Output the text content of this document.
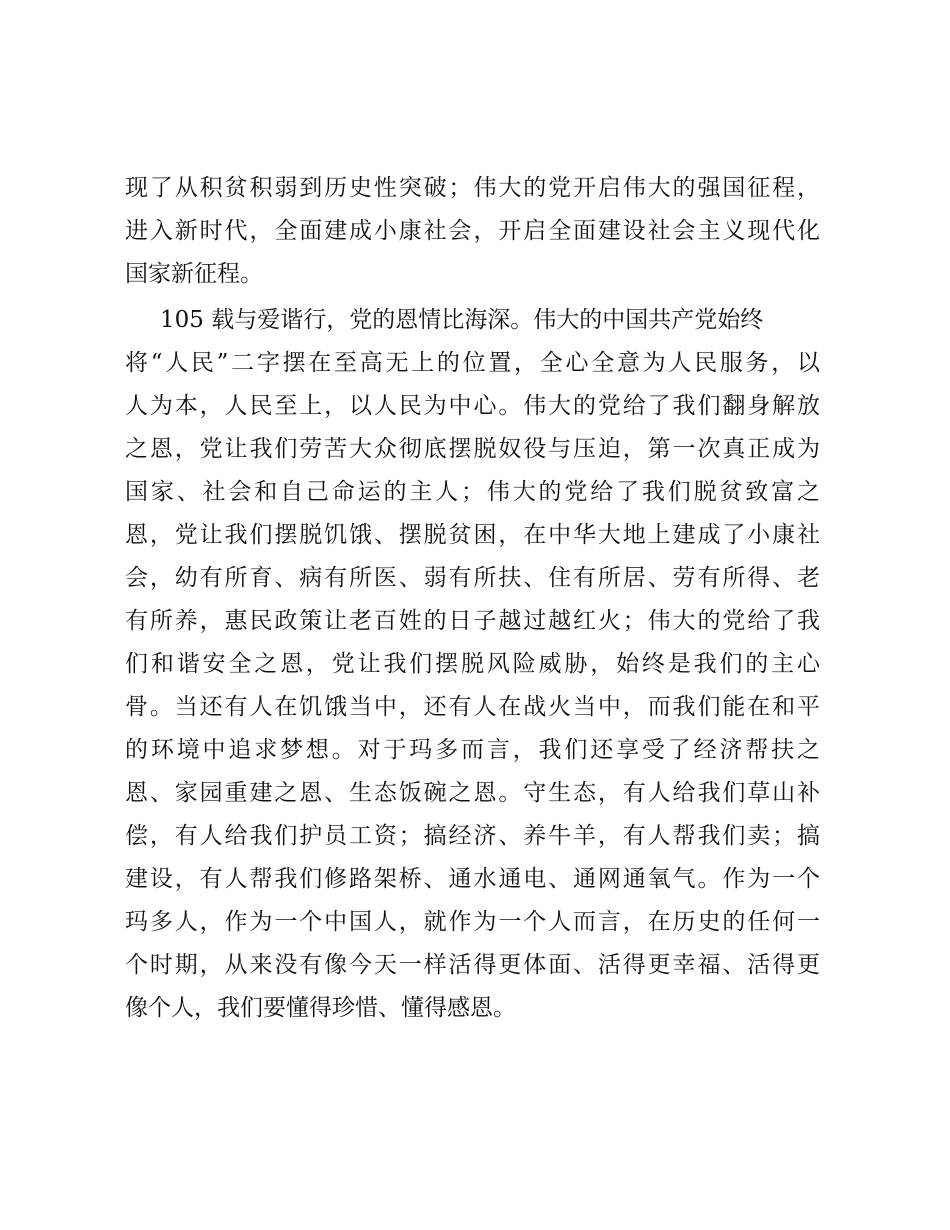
现了从积贫积弱到历史性突破；伟大的党开启伟大的强国征程，
进入新时代，全面建成小康社会，开启全面建设社会主义现代化
国家新征程。
105 载与爱谐行，党的恩情比海深。伟大的中国共产党始终
将“人民”二字摆在至高无上的位置，全心全意为人民服务，以
人为本，人民至上，以人民为中心。伟大的党给了我们翻身解放
之恩，党让我们劳苦大众彻底摆脱奴役与压迫，第一次真正成为
国家、社会和自己命运的主人；伟大的党给了我们脱贫致富之
恩，党让我们摆脱饥饿、摆脱贫困，在中华大地上建成了小康社
会，幼有所育、病有所医、弱有所扶、住有所居、劳有所得、老
有所养，惠民政策让老百姓的日子越过越红火；伟大的党给了我
们和谐安全之恩，党让我们摆脱风险威胁，始终是我们的主心
骨。当还有人在饥饿当中，还有人在战火当中，而我们能在和平
的环境中追求梦想。对于玛多而言，我们还享受了经济帮扶之
恩、家园重建之恩、生态饭碗之恩。守生态，有人给我们草山补
偿，有人给我们护员工资；搞经济、养牛羊，有人帮我们卖；搞
建设，有人帮我们修路架桥、通水通电、通网通氧气。作为一个
玛多人，作为一个中国人，就作为一个人而言，在历史的任何一
个时期，从来没有像今天一样活得更体面、活得更幸福、活得更
像个人，我们要懂得珍惜、懂得感恩。
